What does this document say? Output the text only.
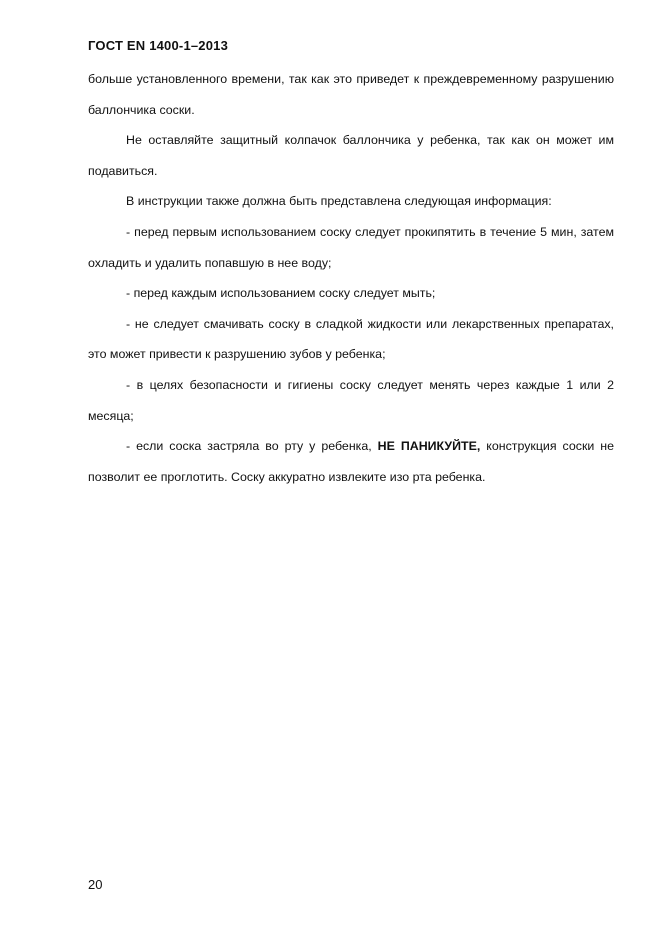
ГОСТ EN 1400-1–2013

больше установленного времени, так как это приведет к преждевременному разрушению баллончика соски.

Не оставляйте защитный колпачок баллончика у ребенка, так как он может им подавиться.

В инструкции также должна быть представлена следующая информация:

- перед первым использованием соску следует прокипятить в течение 5 мин, затем охладить и удалить попавшую в нее воду;

- перед каждым использованием соску следует мыть;

- не следует смачивать соску в сладкой жидкости или лекарственных препаратах, это может привести к разрушению зубов у ребенка;

- в целях безопасности и гигиены соску следует менять через каждые 1 или 2 месяца;

- если соска застряла во рту у ребенка, НЕ ПАНИКУЙТЕ, конструкция соски не позволит ее проглотить. Соску аккуратно извлеките изо рта ребенка.

20
